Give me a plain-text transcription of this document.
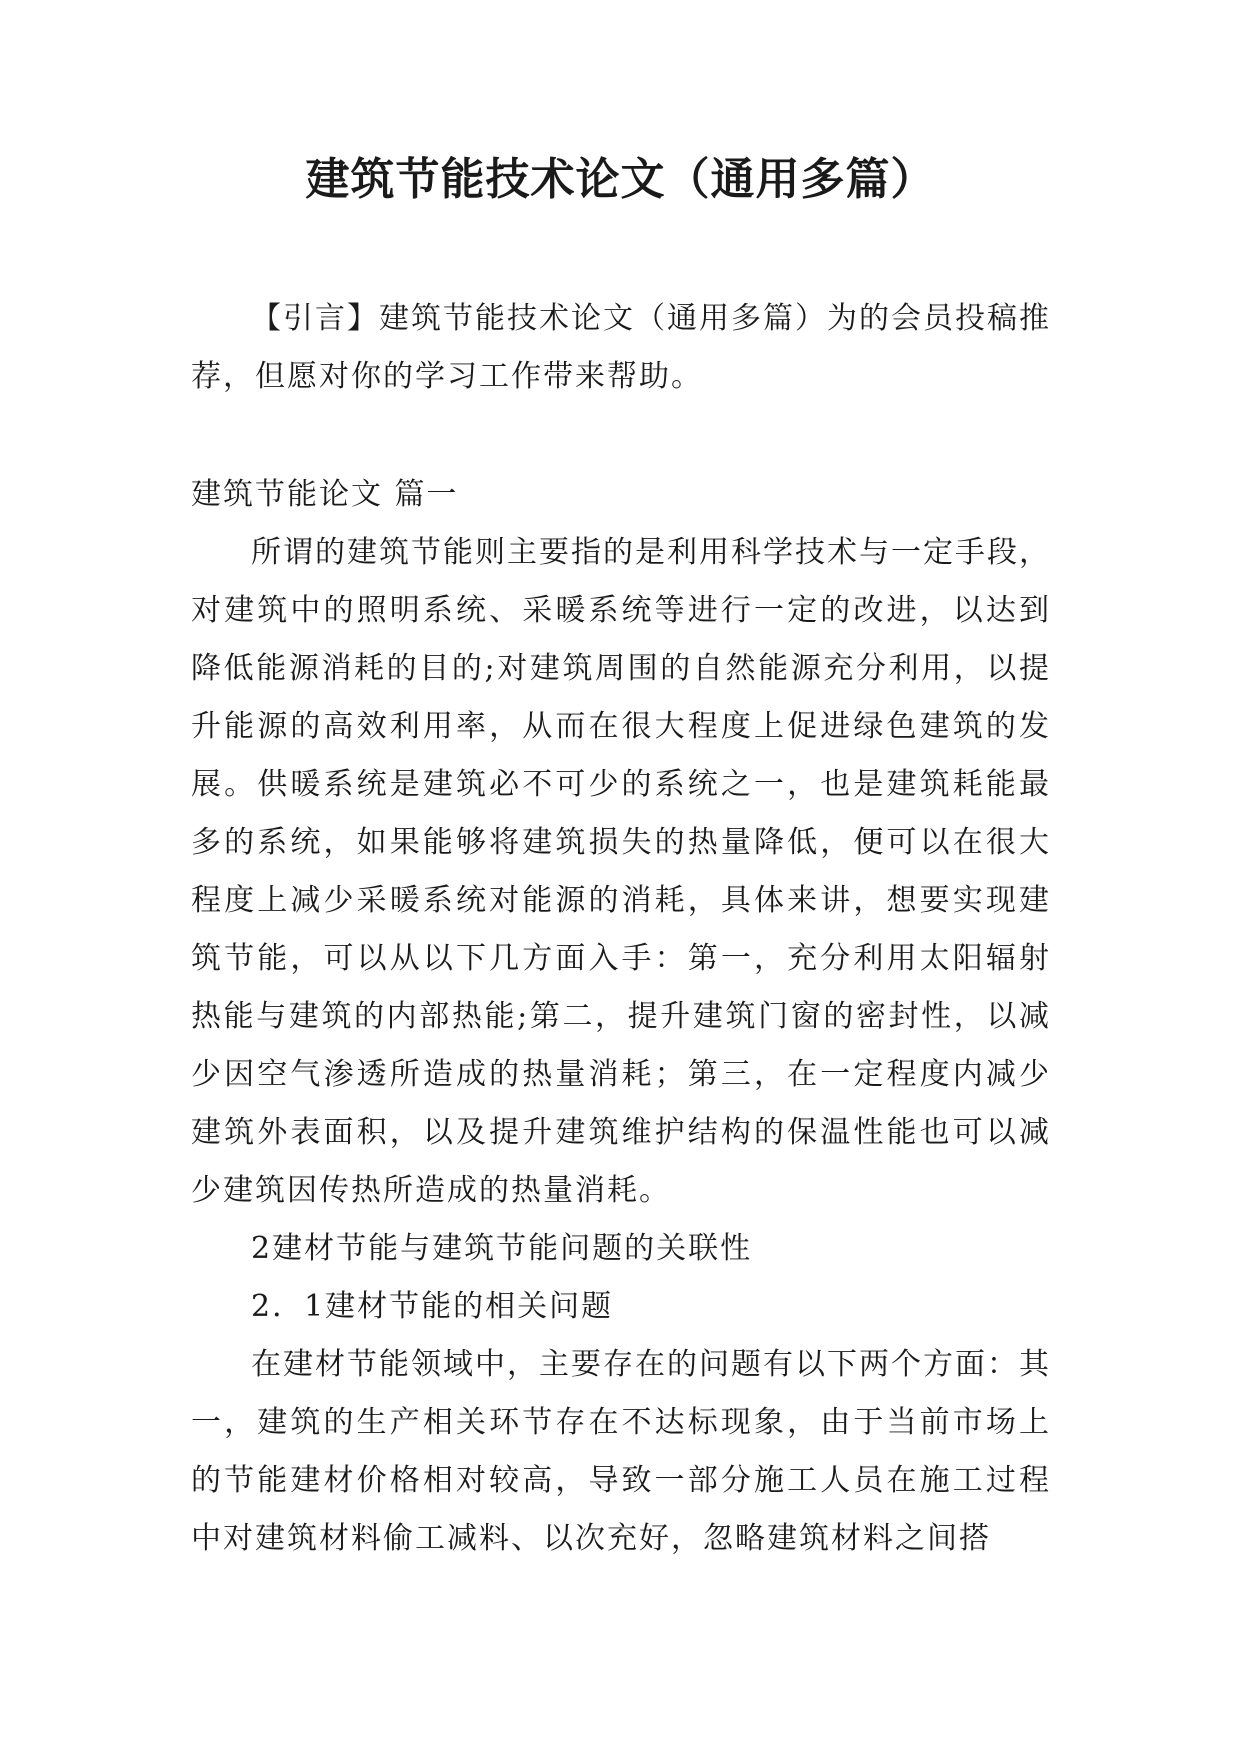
建筑节能技术论文（通用多篇）

【引言】建筑节能技术论文（通用多篇）为的会员投稿推荐，但愿对你的学习工作带来帮助。

建筑节能论文 篇一

所谓的建筑节能则主要指的是利用科学技术与一定手段，对建筑中的照明系统、采暖系统等进行一定的改进，以达到降低能源消耗的目的;对建筑周围的自然能源充分利用，以提升能源的高效利用率，从而在很大程度上促进绿色建筑的发展。供暖系统是建筑必不可少的系统之一，也是建筑耗能最多的系统，如果能够将建筑损失的热量降低，便可以在很大程度上减少采暖系统对能源的消耗，具体来讲，想要实现建筑节能，可以从以下几方面入手：第一，充分利用太阳辐射热能与建筑的内部热能;第二，提升建筑门窗的密封性，以减少因空气渗透所造成的热量消耗；第三，在一定程度内减少建筑外表面积，以及提升建筑维护结构的保温性能也可以减少建筑因传热所造成的热量消耗。

2建材节能与建筑节能问题的关联性

2．1建材节能的相关问题

在建材节能领域中，主要存在的问题有以下两个方面：其一，建筑的生产相关环节存在不达标现象，由于当前市场上的节能建材价格相对较高，导致一部分施工人员在施工过程中对建筑材料偷工减料、以次充好，忽略建筑材料之间搭
